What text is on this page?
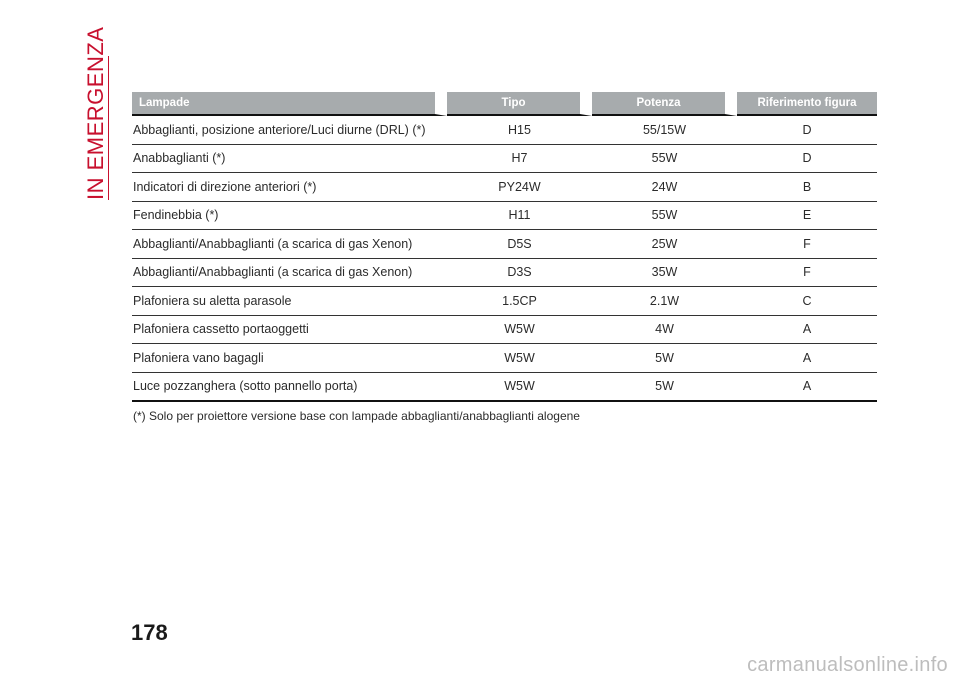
IN EMERGENZA	Lampade	Tipo	Potenza	Riferimento figura
Abbaglianti, posizione anteriore/Luci diurne (DRL) (*)	H15	55/15W	D
Anabbaglianti (*)	H7	55W	D
Indicatori di direzione anteriori (*)	PY24W	24W	B
Fendinebbia (*)	H11	55W	E
Abbaglianti/Anabbaglianti (a scarica di gas Xenon)	D5S	25W	F
Abbaglianti/Anabbaglianti (a scarica di gas Xenon)	D3S	35W	F
Plafoniera su aletta parasole	1.5CP	2.1W	C
Plafoniera cassetto portaoggetti	W5W	4W	A
Plafoniera vano bagagli	W5W	5W	A
Luce pozzanghera (sotto pannello porta)	W5W	5W	A
(*) Solo per proiettore versione base con lampade abbaglianti/anabbaglianti alogene
178
carmanualsonline.info
